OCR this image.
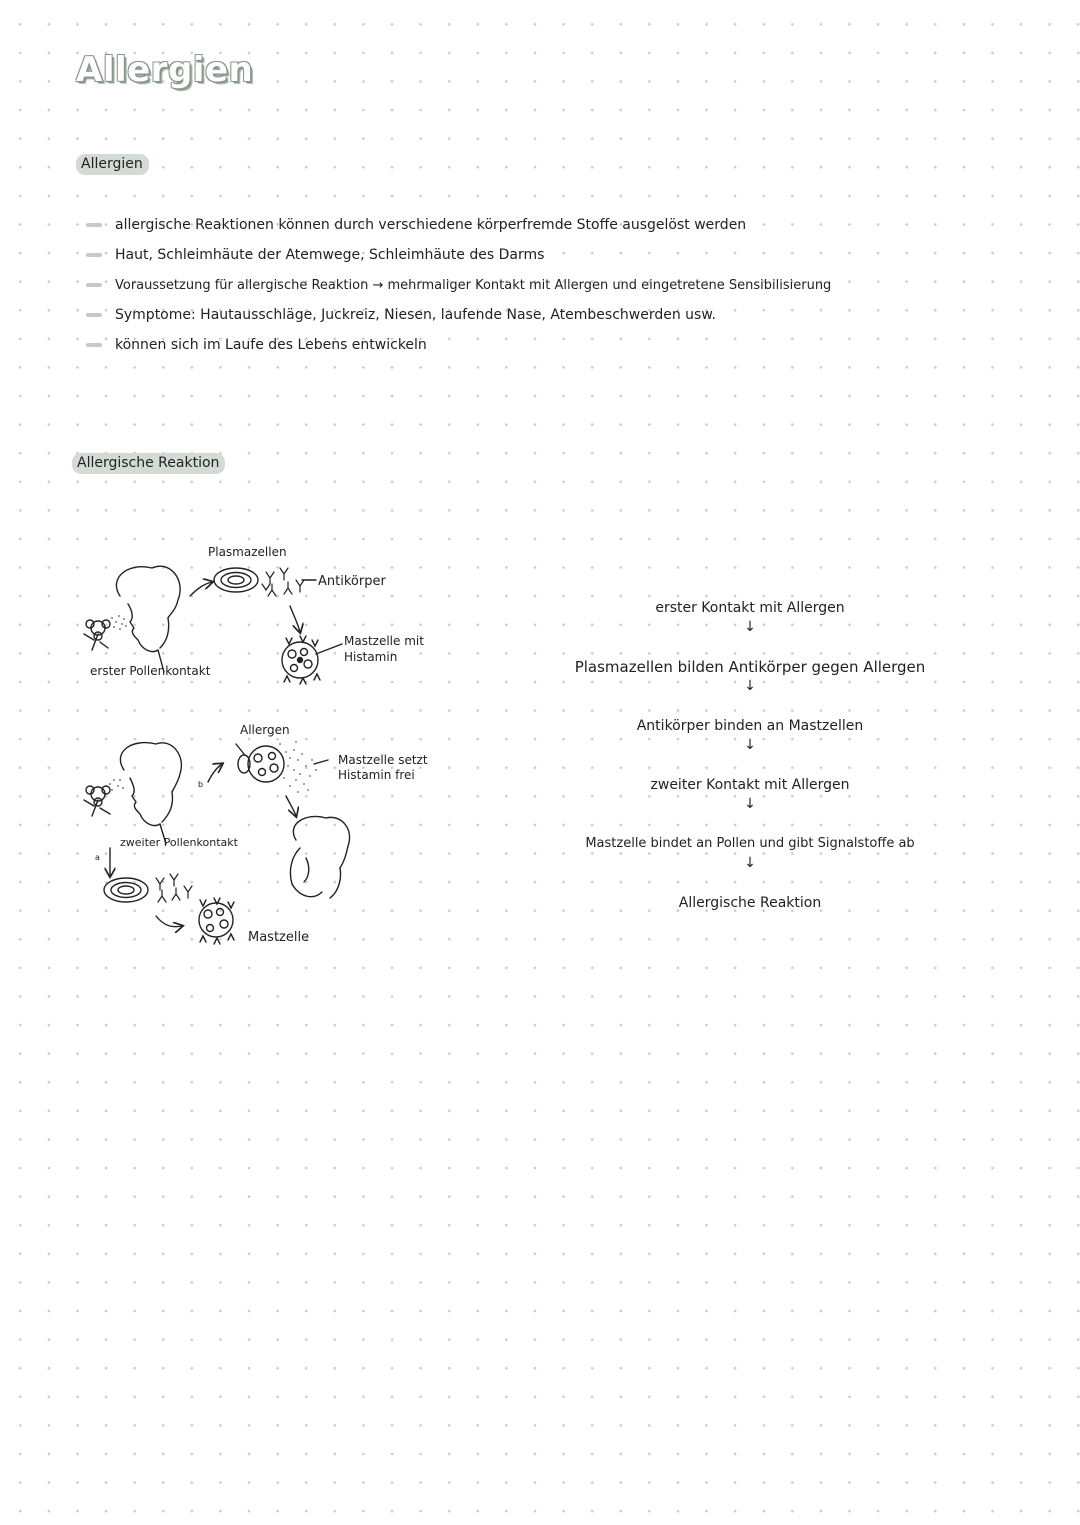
Allergien
Allergien
allergische Reaktionen können durch verschiedene körperfremde Stoffe ausgelöst werden
Haut, Schleimhäute der Atemwege, Schleimhäute des Darms
Voraussetzung für allergische Reaktion → mehrmaliger Kontakt mit Allergen und eingetretene Sensibilisierung
Symptome: Hautausschläge, Juckreiz, Niesen, laufende Nase, Atembeschwerden usw.
können sich im Laufe des Lebens entwickeln
Allergische Reaktion
Plasmazellen
Antikörper
Mastzelle mit
Histamin
erster Pollenkontakt
Allergen
Mastzelle setzt
Histamin frei
b
zweiter Pollenkontakt
a
Mastzelle
erster Kontakt mit Allergen
↓
Plasmazellen bilden Antikörper gegen Allergen
↓
Antikörper binden an Mastzellen
↓
zweiter Kontakt mit Allergen
↓
Mastzelle bindet an Pollen und gibt Signalstoffe ab
↓
Allergische Reaktion
